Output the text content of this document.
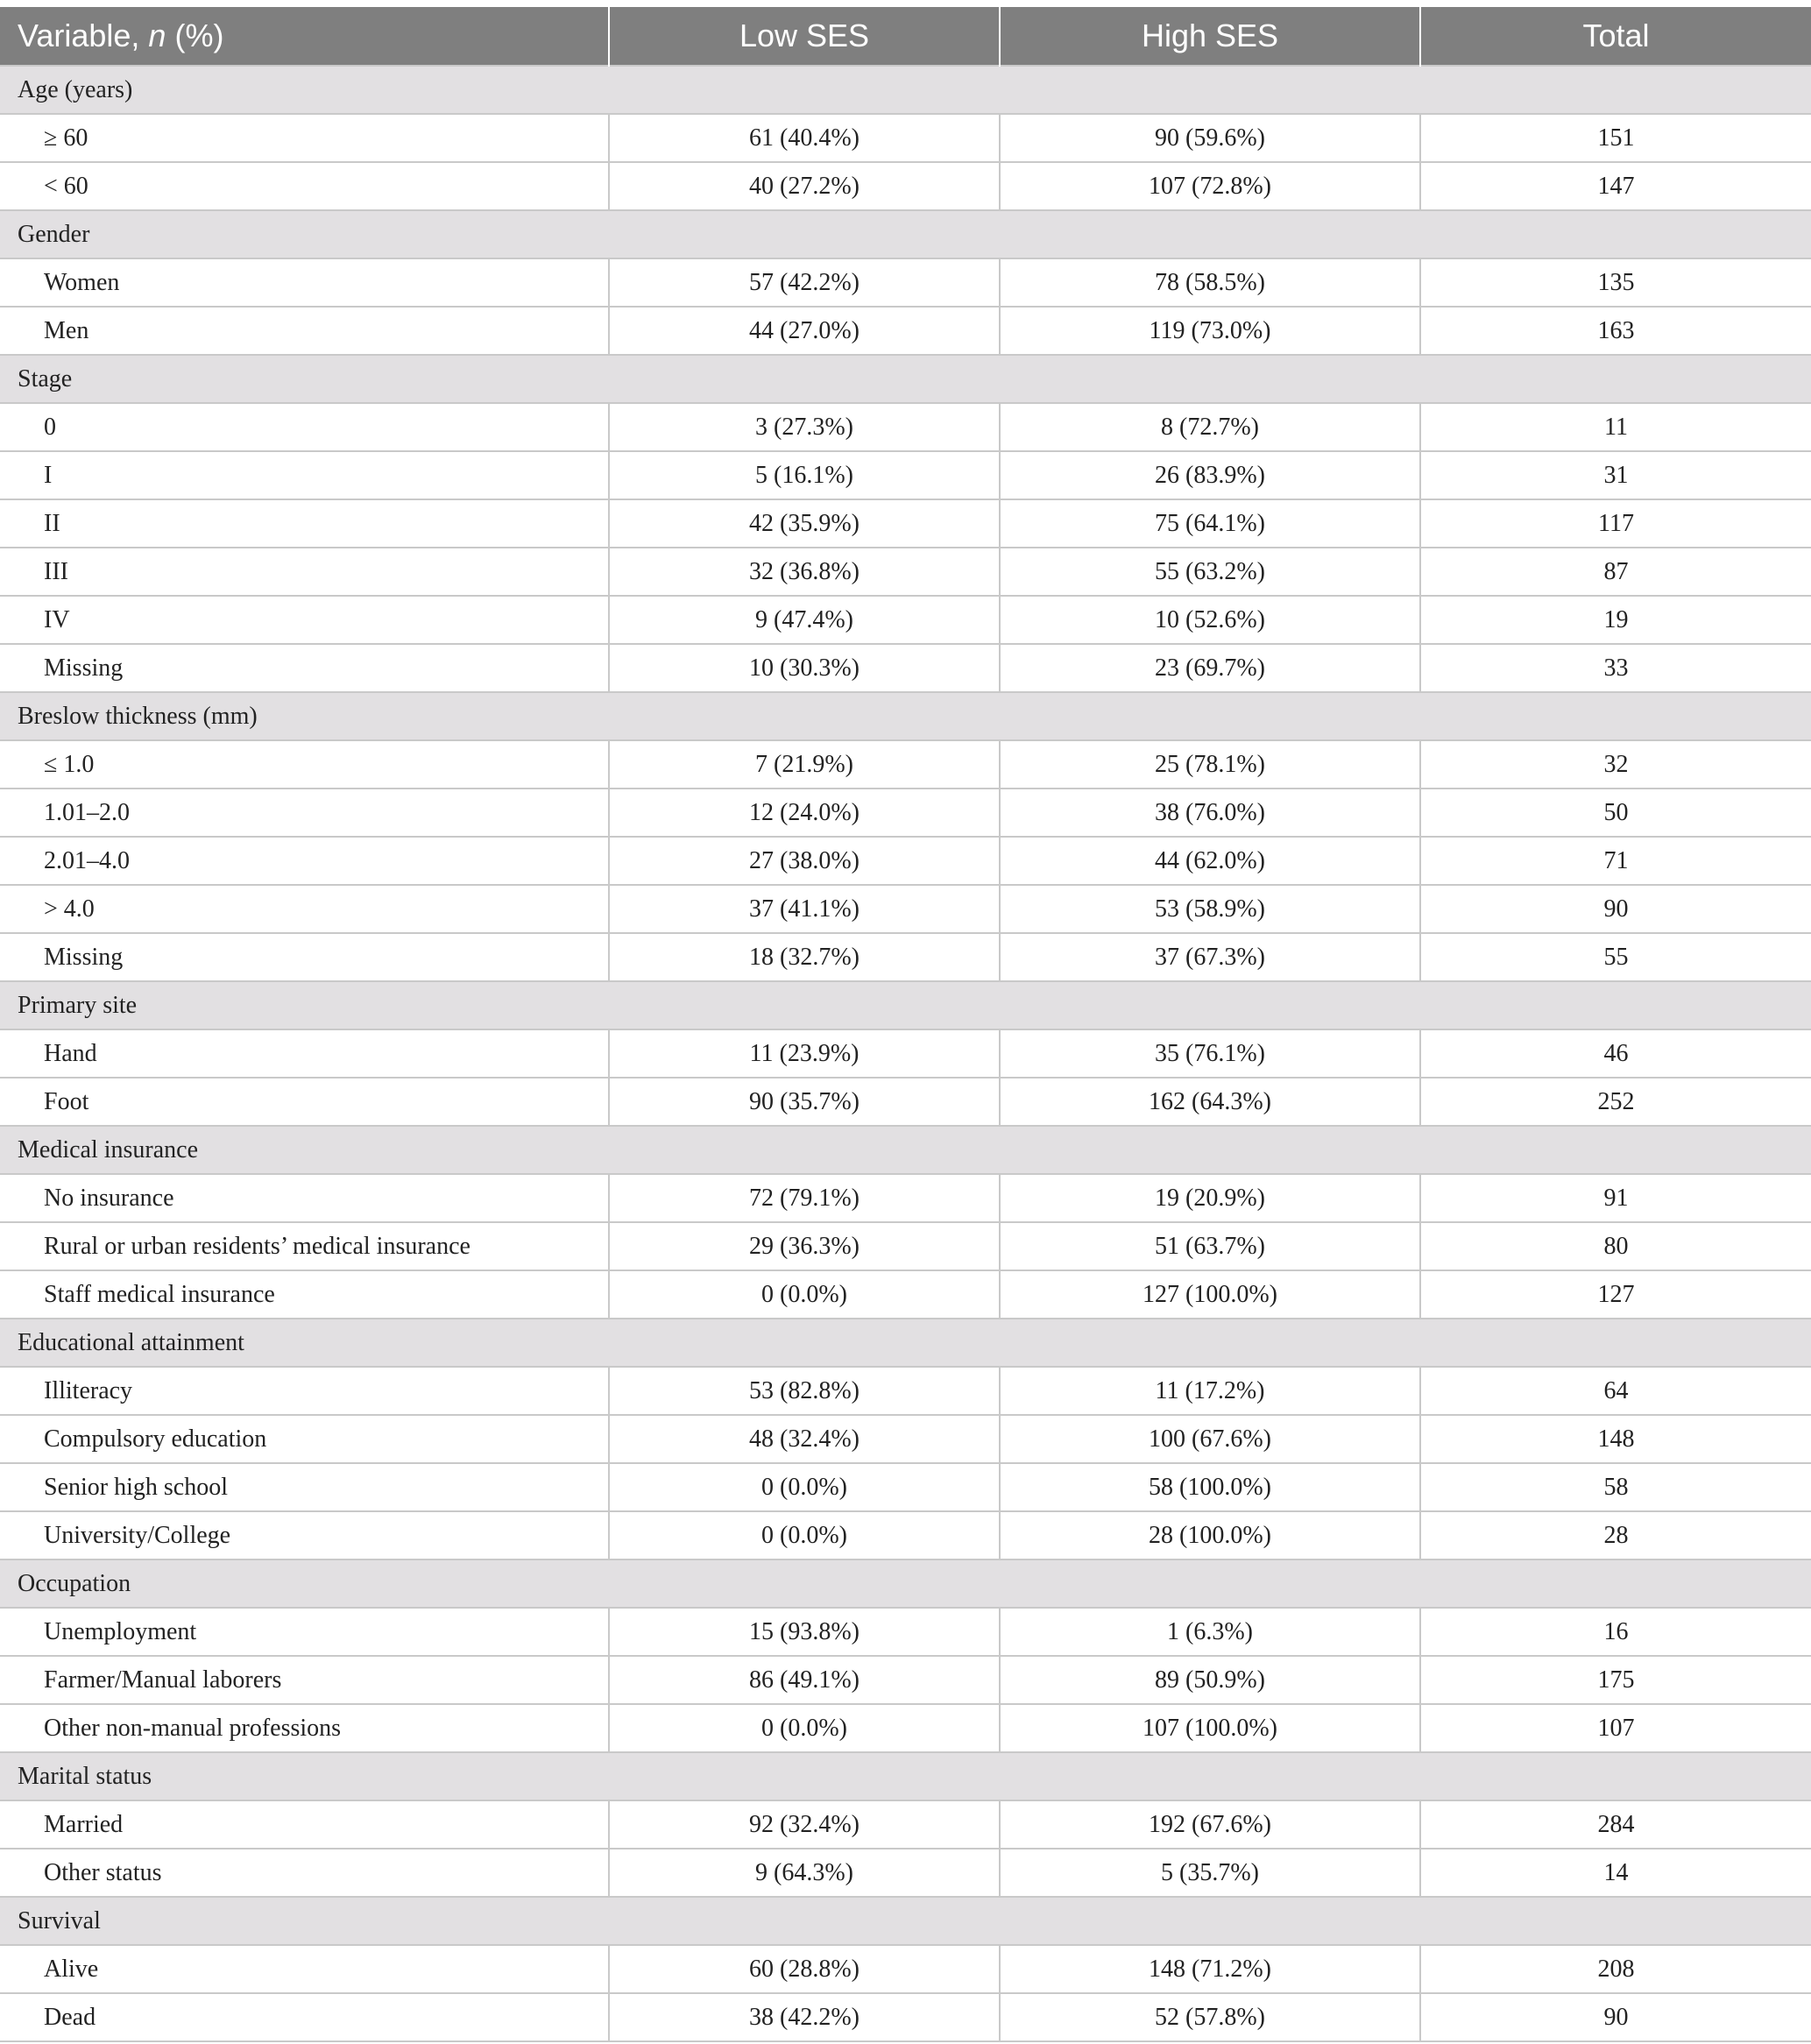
Variable, n (%)	Low SES	High SES	Total
Age (years)			
≥ 60	61 (40.4%)	90 (59.6%)	151
< 60	40 (27.2%)	107 (72.8%)	147
Gender			
Women	57 (42.2%)	78 (58.5%)	135
Men	44 (27.0%)	119 (73.0%)	163
Stage			
0	3 (27.3%)	8 (72.7%)	11
I	5 (16.1%)	26 (83.9%)	31
II	42 (35.9%)	75 (64.1%)	117
III	32 (36.8%)	55 (63.2%)	87
IV	9 (47.4%)	10 (52.6%)	19
Missing	10 (30.3%)	23 (69.7%)	33
Breslow thickness (mm)			
≤ 1.0	7 (21.9%)	25 (78.1%)	32
1.01–2.0	12 (24.0%)	38 (76.0%)	50
2.01–4.0	27 (38.0%)	44 (62.0%)	71
> 4.0	37 (41.1%)	53 (58.9%)	90
Missing	18 (32.7%)	37 (67.3%)	55
Primary site			
Hand	11 (23.9%)	35 (76.1%)	46
Foot	90 (35.7%)	162 (64.3%)	252
Medical insurance			
No insurance	72 (79.1%)	19 (20.9%)	91
Rural or urban residents’ medical insurance	29 (36.3%)	51 (63.7%)	80
Staff medical insurance	0 (0.0%)	127 (100.0%)	127
Educational attainment			
Illiteracy	53 (82.8%)	11 (17.2%)	64
Compulsory education	48 (32.4%)	100 (67.6%)	148
Senior high school	0 (0.0%)	58 (100.0%)	58
University/College	0 (0.0%)	28 (100.0%)	28
Occupation			
Unemployment	15 (93.8%)	1 (6.3%)	16
Farmer/Manual laborers	86 (49.1%)	89 (50.9%)	175
Other non-manual professions	0 (0.0%)	107 (100.0%)	107
Marital status			
Married	92 (32.4%)	192 (67.6%)	284
Other status	9 (64.3%)	5 (35.7%)	14
Survival			
Alive	60 (28.8%)	148 (71.2%)	208
Dead	38 (42.2%)	52 (57.8%)	90
